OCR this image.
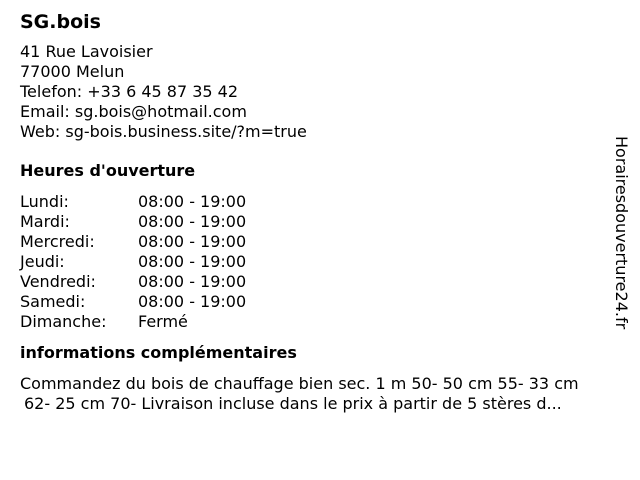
SG.bois
41 Rue Lavoisier
77000 Melun
Telefon: +33 6 45 87 35 42
Email: sg.bois@hotmail.com
Web: sg-bois.business.site/?m=true
Heures d'ouverture
Lundi:	08:00 - 19:00
Mardi:	08:00 - 19:00
Mercredi:	08:00 - 19:00
Jeudi:	08:00 - 19:00
Vendredi:	08:00 - 19:00
Samedi:	08:00 - 19:00
Dimanche: Fermé
informations complémentaires
Commandez du bois de chauffage bien sec. 1 m 50- 50 cm 55- 33 cm
62- 25 cm 70- Livraison incluse dans le prix à partir de 5 stères d...
Horairesdouverture24.fr
